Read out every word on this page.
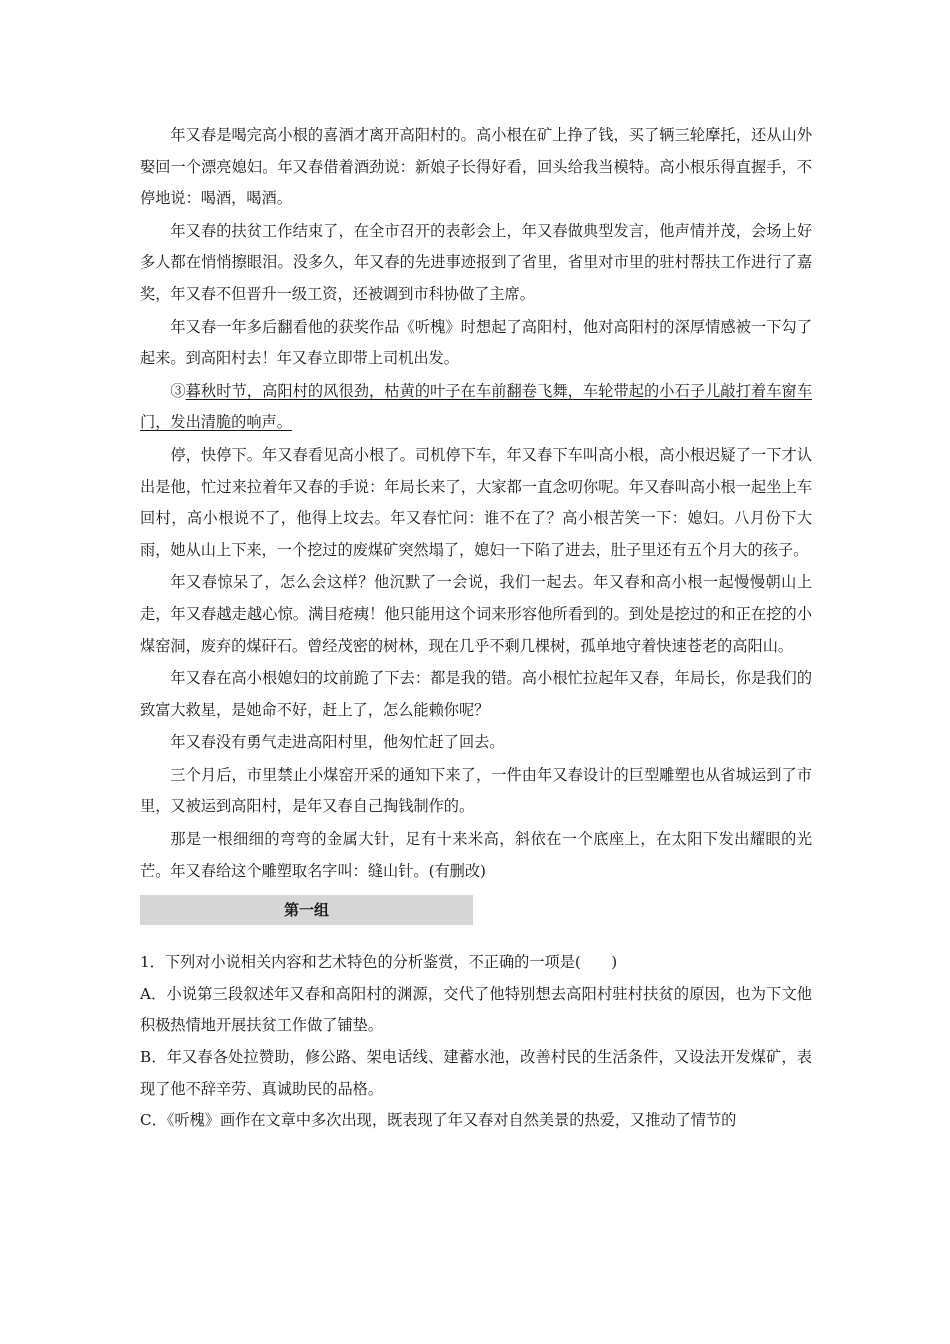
年又春是喝完高小根的喜酒才离开高阳村的。高小根在矿上挣了钱，买了辆三轮摩托，还从山外娶回一个漂亮媳妇。年又春借着酒劲说：新娘子长得好看，回头给我当模特。高小根乐得直握手，不停地说：喝酒，喝酒。

年又春的扶贫工作结束了，在全市召开的表彰会上，年又春做典型发言，他声情并茂，会场上好多人都在悄悄擦眼泪。没多久，年又春的先进事迹报到了省里，省里对市里的驻村帮扶工作进行了嘉奖，年又春不但晋升一级工资，还被调到市科协做了主席。

年又春一年多后翻看他的获奖作品《听槐》时想起了高阳村，他对高阳村的深厚情感被一下勾了起来。到高阳村去！年又春立即带上司机出发。

③暮秋时节，高阳村的风很劲，枯黄的叶子在车前翻卷飞舞，车轮带起的小石子儿敲打着车窗车门，发出清脆的响声。

停，快停下。年又春看见高小根了。司机停下车，年又春下车叫高小根，高小根迟疑了一下才认出是他，忙过来拉着年又春的手说：年局长来了，大家都一直念叨你呢。年又春叫高小根一起坐上车回村，高小根说不了，他得上坟去。年又春忙问：谁不在了？高小根苦笑一下：媳妇。八月份下大雨，她从山上下来，一个挖过的废煤矿突然塌了，媳妇一下陷了进去，肚子里还有五个月大的孩子。

年又春惊呆了，怎么会这样？他沉默了一会说，我们一起去。年又春和高小根一起慢慢朝山上走，年又春越走越心惊。满目疮痍！他只能用这个词来形容他所看到的。到处是挖过的和正在挖的小煤窑洞，废弃的煤矸石。曾经茂密的树林，现在几乎不剩几棵树，孤单地守着快速苍老的高阳山。

年又春在高小根媳妇的坟前跪了下去：都是我的错。高小根忙拉起年又春，年局长，你是我们的致富大救星，是她命不好，赶上了，怎么能赖你呢？

年又春没有勇气走进高阳村里，他匆忙赶了回去。

三个月后，市里禁止小煤窑开采的通知下来了，一件由年又春设计的巨型雕塑也从省城运到了市里，又被运到高阳村，是年又春自己掏钱制作的。

那是一根细细的弯弯的金属大针，足有十来米高，斜依在一个底座上，在太阳下发出耀眼的光芒。年又春给这个雕塑取名字叫：缝山针。(有删改)

第一组

1．下列对小说相关内容和艺术特色的分析鉴赏，不正确的一项是(　　)

A．小说第三段叙述年又春和高阳村的渊源，交代了他特别想去高阳村驻村扶贫的原因，也为下文他积极热情地开展扶贫工作做了铺垫。

B．年又春各处拉赞助，修公路、架电话线、建蓄水池，改善村民的生活条件，又设法开发煤矿，表现了他不辞辛劳、真诚助民的品格。

C．《听槐》画作在文章中多次出现，既表现了年又春对自然美景的热爱，又推动了情节的
